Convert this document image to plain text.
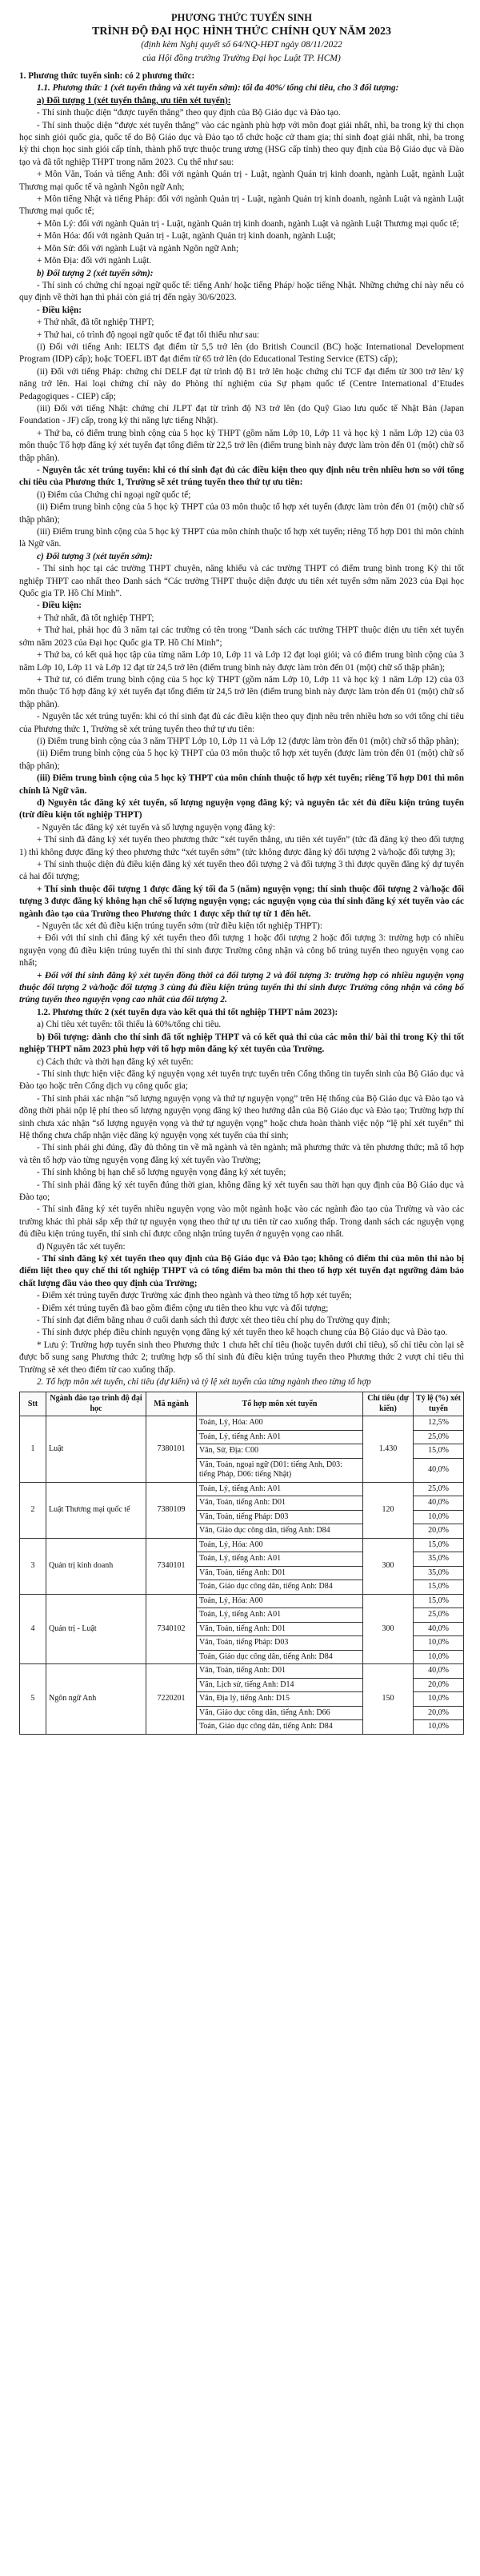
PHƯƠNG THỨC TUYỂN SINH
TRÌNH ĐỘ ĐẠI HỌC HÌNH THỨC CHÍNH QUY NĂM 2023
(định kèm Nghị quyết số 64/NQ-HĐT ngày 08/11/2022
của Hội đồng trường Trường Đại học Luật TP. HCM)

1. Phương thức tuyển sinh: có 2 phương thức:

1.1. Phương thức 1 (xét tuyển thẳng và xét tuyển sớm): tối đa 40%/ tổng chỉ tiêu, cho 3 đối tượng:

a) Đối tượng 1 (xét tuyển thẳng, ưu tiên xét tuyển):

- Thí sinh thuộc diện “được tuyển thẳng” theo quy định của Bộ Giáo dục và Đào tạo.

- Thí sinh thuộc diện “được xét tuyển thẳng” vào các ngành phù hợp với môn đoạt giải nhất, nhì, ba trong kỳ thi chọn học sinh giỏi quốc gia, quốc tế do Bộ Giáo dục và Đào tạo tổ chức hoặc cử tham gia; thí sinh đoạt giải nhất, nhì, ba trong kỳ thi chọn học sinh giỏi cấp tỉnh, thành phố trực thuộc trung ương (HSG cấp tỉnh) theo quy định của Bộ Giáo dục và Đào tạo và đã tốt nghiệp THPT trong năm 2023. Cụ thể như sau:

+ Môn Văn, Toán và tiếng Anh: đối với ngành Quản trị - Luật, ngành Quản trị kinh doanh, ngành Luật, ngành Luật Thương mại quốc tế và ngành Ngôn ngữ Anh;

+ Môn tiếng Nhật và tiếng Pháp: đối với ngành Quản trị - Luật, ngành Quản trị kinh doanh, ngành Luật và ngành Luật Thương mại quốc tế;

+ Môn Lý: đối với ngành Quản trị - Luật, ngành Quản trị kinh doanh, ngành Luật và ngành Luật Thương mại quốc tế;

+ Môn Hóa: đối với ngành Quản trị - Luật, ngành Quản trị kinh doanh, ngành Luật;

+ Môn Sử: đối với ngành Luật và ngành Ngôn ngữ Anh;

+ Môn Địa: đối với ngành Luật.

b) Đối tượng 2 (xét tuyển sớm):

- Thí sinh có chứng chỉ ngoại ngữ quốc tế: tiếng Anh/ hoặc tiếng Pháp/ hoặc tiếng Nhật. Những chứng chỉ này nếu có quy định về thời hạn thì phải còn giá trị đến ngày 30/6/2023.

- Điều kiện:

+ Thứ nhất, đã tốt nghiệp THPT;

+ Thứ hai, có trình độ ngoại ngữ quốc tế đạt tối thiểu như sau:

(i) Đối với tiếng Anh: IELTS đạt điểm từ 5,5 trở lên (do British Council (BC) hoặc International Development Program (IDP) cấp); hoặc TOEFL iBT đạt điểm từ 65 trở lên (do Educational Testing Service (ETS) cấp);

(ii) Đối với tiếng Pháp: chứng chỉ DELF đạt từ trình độ B1 trở lên hoặc chứng chỉ TCF đạt điểm từ 300 trở lên/ kỹ năng trở lên. Hai loại chứng chỉ này do Phòng thí nghiệm của Sự phạm quốc tế (Centre International d’Etudes Pedagogiques - CIEP) cấp;

(iii) Đối với tiếng Nhật: chứng chỉ JLPT đạt từ trình độ N3 trở lên (do Quỹ Giao lưu quốc tế Nhật Bản (Japan Foundation - JF) cấp, trong kỳ thi năng lực tiếng Nhật).

+ Thứ ba, có điểm trung bình cộng của 5 học kỳ THPT (gồm năm Lớp 10, Lớp 11 và học kỳ 1 năm Lớp 12) của 03 môn thuộc Tổ hợp đăng ký xét tuyển đạt tổng điểm từ 22,5 trở lên (điểm trung bình này được làm tròn đến 01 (một) chữ số thập phân).

- Nguyên tắc xét trúng tuyển: khi có thí sinh đạt đủ các điều kiện theo quy định nêu trên nhiều hơn so với tổng chỉ tiêu của Phương thức 1, Trường sẽ xét trúng tuyển theo thứ tự ưu tiên:

(i) Điểm của Chứng chỉ ngoại ngữ quốc tế;

(ii) Điểm trung bình cộng của 5 học kỳ THPT của 03 môn thuộc tổ hợp xét tuyển (được làm tròn đến 01 (một) chữ số thập phân);

(iii) Điểm trung bình cộng của 5 học kỳ THPT của môn chính thuộc tổ hợp xét tuyển; riêng Tổ hợp D01 thì môn chính là Ngữ văn.

c) Đối tượng 3 (xét tuyển sớm):

- Thí sinh học tại các trường THPT chuyên, năng khiếu và các trường THPT có điểm trung bình trong Kỳ thi tốt nghiệp THPT cao nhất theo Danh sách “Các trường THPT thuộc diện được ưu tiên xét tuyển sớm năm 2023 của Đại học Quốc gia TP. Hồ Chí Minh”.

- Điều kiện:

+ Thứ nhất, đã tốt nghiệp THPT;

+ Thứ hai, phải học đủ 3 năm tại các trường có tên trong “Danh sách các trường THPT thuộc diện ưu tiên xét tuyển sớm năm 2023 của Đại học Quốc gia TP. Hồ Chí Minh”;

+ Thứ ba, có kết quả học tập của từng năm Lớp 10, Lớp 11 và Lớp 12 đạt loại giỏi; và có điểm trung bình cộng của 3 năm Lớp 10, Lớp 11 và Lớp 12 đạt từ 24,5 trở lên (điểm trung bình này được làm tròn đến 01 (một) chữ số thập phân);

+ Thứ tư, có điểm trung bình cộng của 5 học kỳ THPT (gồm năm Lớp 10, Lớp 11 và học kỳ 1 năm Lớp 12) của 03 môn thuộc Tổ hợp đăng ký xét tuyển đạt tổng điểm từ 24,5 trở lên (điểm trung bình này được làm tròn đến 01 (một) chữ số thập phân).

- Nguyên tắc xét trúng tuyển: khi có thí sinh đạt đủ các điều kiện theo quy định nêu trên nhiều hơn so với tổng chỉ tiêu của Phương thức 1, Trường sẽ xét trúng tuyển theo thứ tự ưu tiên:

(i) Điểm trung bình cộng của 3 năm THPT Lớp 10, Lớp 11 và Lớp 12 (được làm tròn đến 01 (một) chữ số thập phân);

(ii) Điểm trung bình cộng của 5 học kỳ THPT của 03 môn thuộc tổ hợp xét tuyển (được làm tròn đến 01 (một) chữ số thập phân);

(iii) Điểm trung bình cộng của 5 học kỳ THPT của môn chính thuộc tổ hợp xét tuyển; riêng Tổ hợp D01 thì môn chính là Ngữ văn.

d) Nguyên tắc đăng ký xét tuyển, số lượng nguyện vọng đăng ký; và nguyên tắc xét đủ điều kiện trúng tuyển (trừ điều kiện tốt nghiệp THPT)

- Nguyên tắc đăng ký xét tuyển và số lượng nguyện vọng đăng ký:

+ Thí sinh đã đăng ký xét tuyển theo phương thức “xét tuyển thẳng, ưu tiên xét tuyển” (tức đã đăng ký theo đối tượng 1) thì không được đăng ký theo phương thức “xét tuyển sớm” (tức không được đăng ký đối tượng 2 và/hoặc đối tượng 3);

+ Thí sinh thuộc diện đủ điều kiện đăng ký xét tuyển theo đối tượng 2 và đối tượng 3 thì được quyền đăng ký dự tuyển cả hai đối tượng;

+ Thí sinh thuộc đối tượng 1 được đăng ký tối đa 5 (năm) nguyện vọng; thí sinh thuộc đối tượng 2 và/hoặc đối tượng 3 được đăng ký không hạn chế số lượng nguyện vọng; các nguyện vọng của thí sinh đăng ký xét tuyển vào các ngành đào tạo của Trường theo Phương thức 1 được xếp thứ tự từ 1 đến hết.

- Nguyên tắc xét đủ điều kiện trúng tuyển sớm (trừ điều kiện tốt nghiệp THPT):

+ Đối với thí sinh chỉ đăng ký xét tuyển theo đối tượng 1 hoặc đối tượng 2 hoặc đối tượng 3: trường hợp có nhiều nguyện vọng đủ điều kiện trúng tuyển thì thí sinh được Trường công nhận và công bố trúng tuyển theo nguyện vọng cao nhất;

+ Đối với thí sinh đăng ký xét tuyển đồng thời cả đối tượng 2 và đối tượng 3: trường hợp có nhiều nguyện vọng thuộc đối tượng 2 và/hoặc đối tượng 3 cùng đủ điều kiện trúng tuyển thì thí sinh được Trường công nhận và công bố trúng tuyển theo nguyện vọng cao nhất của đối tượng 2.

1.2. Phương thức 2 (xét tuyển dựa vào kết quả thi tốt nghiệp THPT năm 2023):

a) Chỉ tiêu xét tuyển: tối thiểu là 60%/tổng chỉ tiêu.

b) Đối tượng: dành cho thí sinh đã tốt nghiệp THPT và có kết quả thi của các môn thi/ bài thi trong Kỳ thi tốt nghiệp THPT năm 2023 phù hợp với tổ hợp môn đăng ký xét tuyển của Trường.

c) Cách thức và thời hạn đăng ký xét tuyển:

- Thí sinh thực hiện việc đăng ký nguyện vọng xét tuyển trực tuyến trên Cổng thông tin tuyển sinh của Bộ Giáo dục và Đào tạo hoặc trên Cổng dịch vụ công quốc gia;

- Thí sinh phải xác nhận “số lượng nguyện vọng và thứ tự nguyện vọng” trên Hệ thống của Bộ Giáo dục và Đào tạo và đồng thời phải nộp lệ phí theo số lượng nguyện vọng đăng ký theo hướng dẫn của Bộ Giáo dục và Đào tạo; Trường hợp thí sinh chưa xác nhận “số lượng nguyện vọng và thứ tự nguyện vọng” hoặc chưa hoàn thành việc nộp “lệ phí xét tuyển” thì Hệ thống chưa chấp nhận việc đăng ký nguyện vọng xét tuyển của thí sinh;

- Thí sinh phải ghi đúng, đầy đủ thông tin về mã ngành và tên ngành; mã phương thức và tên phương thức; mã tổ hợp và tên tổ hợp vào từng nguyện vọng đăng ký xét tuyển vào Trường;

- Thí sinh không bị hạn chế số lượng nguyện vọng đăng ký xét tuyển;

- Thí sinh phải đăng ký xét tuyển đúng thời gian, không đăng ký xét tuyển sau thời hạn quy định của Bộ Giáo dục và Đào tạo;

- Thí sinh đăng ký xét tuyển nhiều nguyện vọng vào một ngành hoặc vào các ngành đào tạo của Trường và vào các trường khác thì phải sắp xếp thứ tự nguyện vọng theo thứ tự ưu tiên từ cao xuống thấp. Trong danh sách các nguyện vọng đủ điều kiện trúng tuyển, thí sinh chỉ được công nhận trúng tuyển ở nguyện vọng cao nhất.

d) Nguyên tắc xét tuyển:

- Thí sinh đăng ký xét tuyển theo quy định của Bộ Giáo dục và Đào tạo; không có điểm thi của môn thi nào bị điểm liệt theo quy chế thi tốt nghiệp THPT và có tổng điểm ba môn thi theo tổ hợp xét tuyển đạt ngưỡng đảm bảo chất lượng đầu vào theo quy định của Trường;

- Điểm xét trúng tuyển được Trường xác định theo ngành và theo từng tổ hợp xét tuyển;

- Điểm xét trúng tuyển đã bao gồm điểm cộng ưu tiên theo khu vực và đối tượng;

- Thí sinh đạt điểm bằng nhau ở cuối danh sách thì được xét theo tiêu chí phụ do Trường quy định;

- Thí sinh được phép điều chỉnh nguyện vọng đăng ký xét tuyển theo kế hoạch chung của Bộ Giáo dục và Đào tạo.

* Lưu ý: Trường hợp tuyển sinh theo Phương thức 1 chưa hết chỉ tiêu (hoặc tuyển dưới chỉ tiêu), số chỉ tiêu còn lại sẽ được bổ sung sang Phương thức 2; trường hợp số thí sinh đủ điều kiện trúng tuyển theo Phương thức 2 vượt chỉ tiêu thì Trường sẽ xét theo điểm từ cao xuống thấp.

2. Tổ hợp môn xét tuyển, chỉ tiêu (dự kiến) và tỷ lệ xét tuyển của từng ngành theo từng tổ hợp

Stt	Ngành đào tạo trình độ đại học	Mã ngành	Tổ hợp môn xét tuyển	Chỉ tiêu (dự kiến)	Tỷ lệ (%) xét tuyển
1	Luật	7380101	Toán, Lý, Hóa: A00	1.430	12,5%
			Toán, Lý, tiếng Anh: A01		25,0%
			Văn, Sử, Địa: C00		15,0%
			Văn, Toán, ngoại ngữ (D01: tiếng Anh, D03: tiếng Pháp, D06: tiếng Nhật)		40,0%
2	Luật Thương mại quốc tế	7380109	Toán, Lý, tiếng Anh: A01	120	25,0%
			Văn, Toán, tiếng Anh: D01		40,0%
			Văn, Toán, tiếng Pháp: D03		10,0%
			Văn, Giáo dục công dân, tiếng Anh: D84		20,0%
3	Quản trị kinh doanh	7340101	Toán, Lý, Hóa: A00	300	15,0%
			Toán, Lý, tiếng Anh: A01		35,0%
			Văn, Toán, tiếng Anh: D01		35,0%
			Toán, Giáo dục công dân, tiếng Anh: D84		15,0%
4	Quản trị - Luật	7340102	Toán, Lý, Hóa: A00	300	15,0%
			Toán, Lý, tiếng Anh: A01		25,0%
			Văn, Toán, tiếng Anh: D01		40,0%
			Văn, Toán, tiếng Pháp: D03		10,0%
			Toán, Giáo dục công dân, tiếng Anh: D84		10,0%
5	Ngôn ngữ Anh	7220201	Văn, Toán, tiếng Anh: D01	150	40,0%
			Văn, Lịch sử, tiếng Anh: D14		20,0%
			Văn, Địa lý, tiếng Anh: D15		10,0%
			Văn, Giáo dục công dân, tiếng Anh: D66		20,0%
			Toán, Giáo dục công dân, tiếng Anh: D84		10,0%
